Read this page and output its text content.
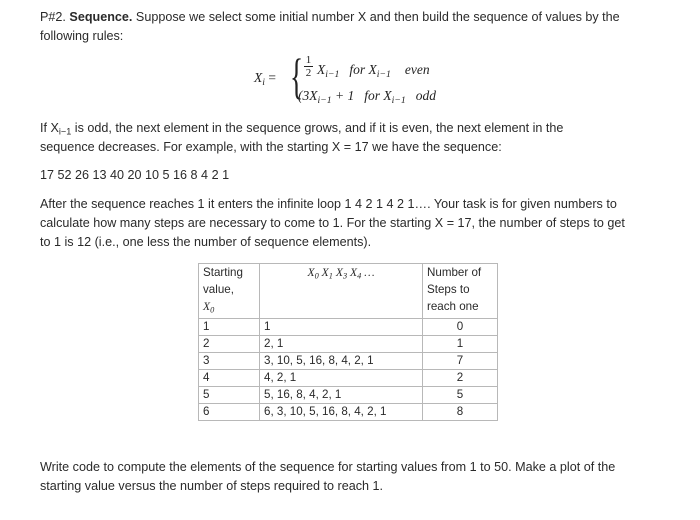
P#2. Sequence. Suppose we select some initial number X and then build the sequence of values by the
following rules:
$X_i$ = { $\frac{1}{2} X_{i-1}$ for $X_{i-1}$ even
($3X_{i-1} + 1$ for $X_{i-1}$ odd
If $X_{i-1}$ is odd, the next element in the sequence grows, and if it is even, the next element in the
sequence decreases. For example, with the starting X = 17 we have the sequence:
17 52 26 13 40 20 10 5 16 8 4 2 1
After the sequence reaches 1 it enters the infinite loop 1 4 2 1 4 2 1…. Your task is for given numbers to
calculate how many steps are necessary to come to 1. For the starting X = 17, the number of steps to get
to 1 is 12 (i.e., one less the number of sequence elements).
Starting
value,
$X_0$	$X_0$ $X_1$ $X_3$ $X_4$ …	Number of
Steps to
reach one
1	1	0
2	2, 1	1
3	3, 10, 5, 16, 8, 4, 2, 1	7
4	4, 2, 1	2
5	5, 16, 8, 4, 2, 1	5
6	6, 3, 10, 5, 16, 8, 4, 2, 1	8
Write code to compute the elements of the sequence for starting values from 1 to 50. Make a plot of the
starting value versus the number of steps required to reach 1.
